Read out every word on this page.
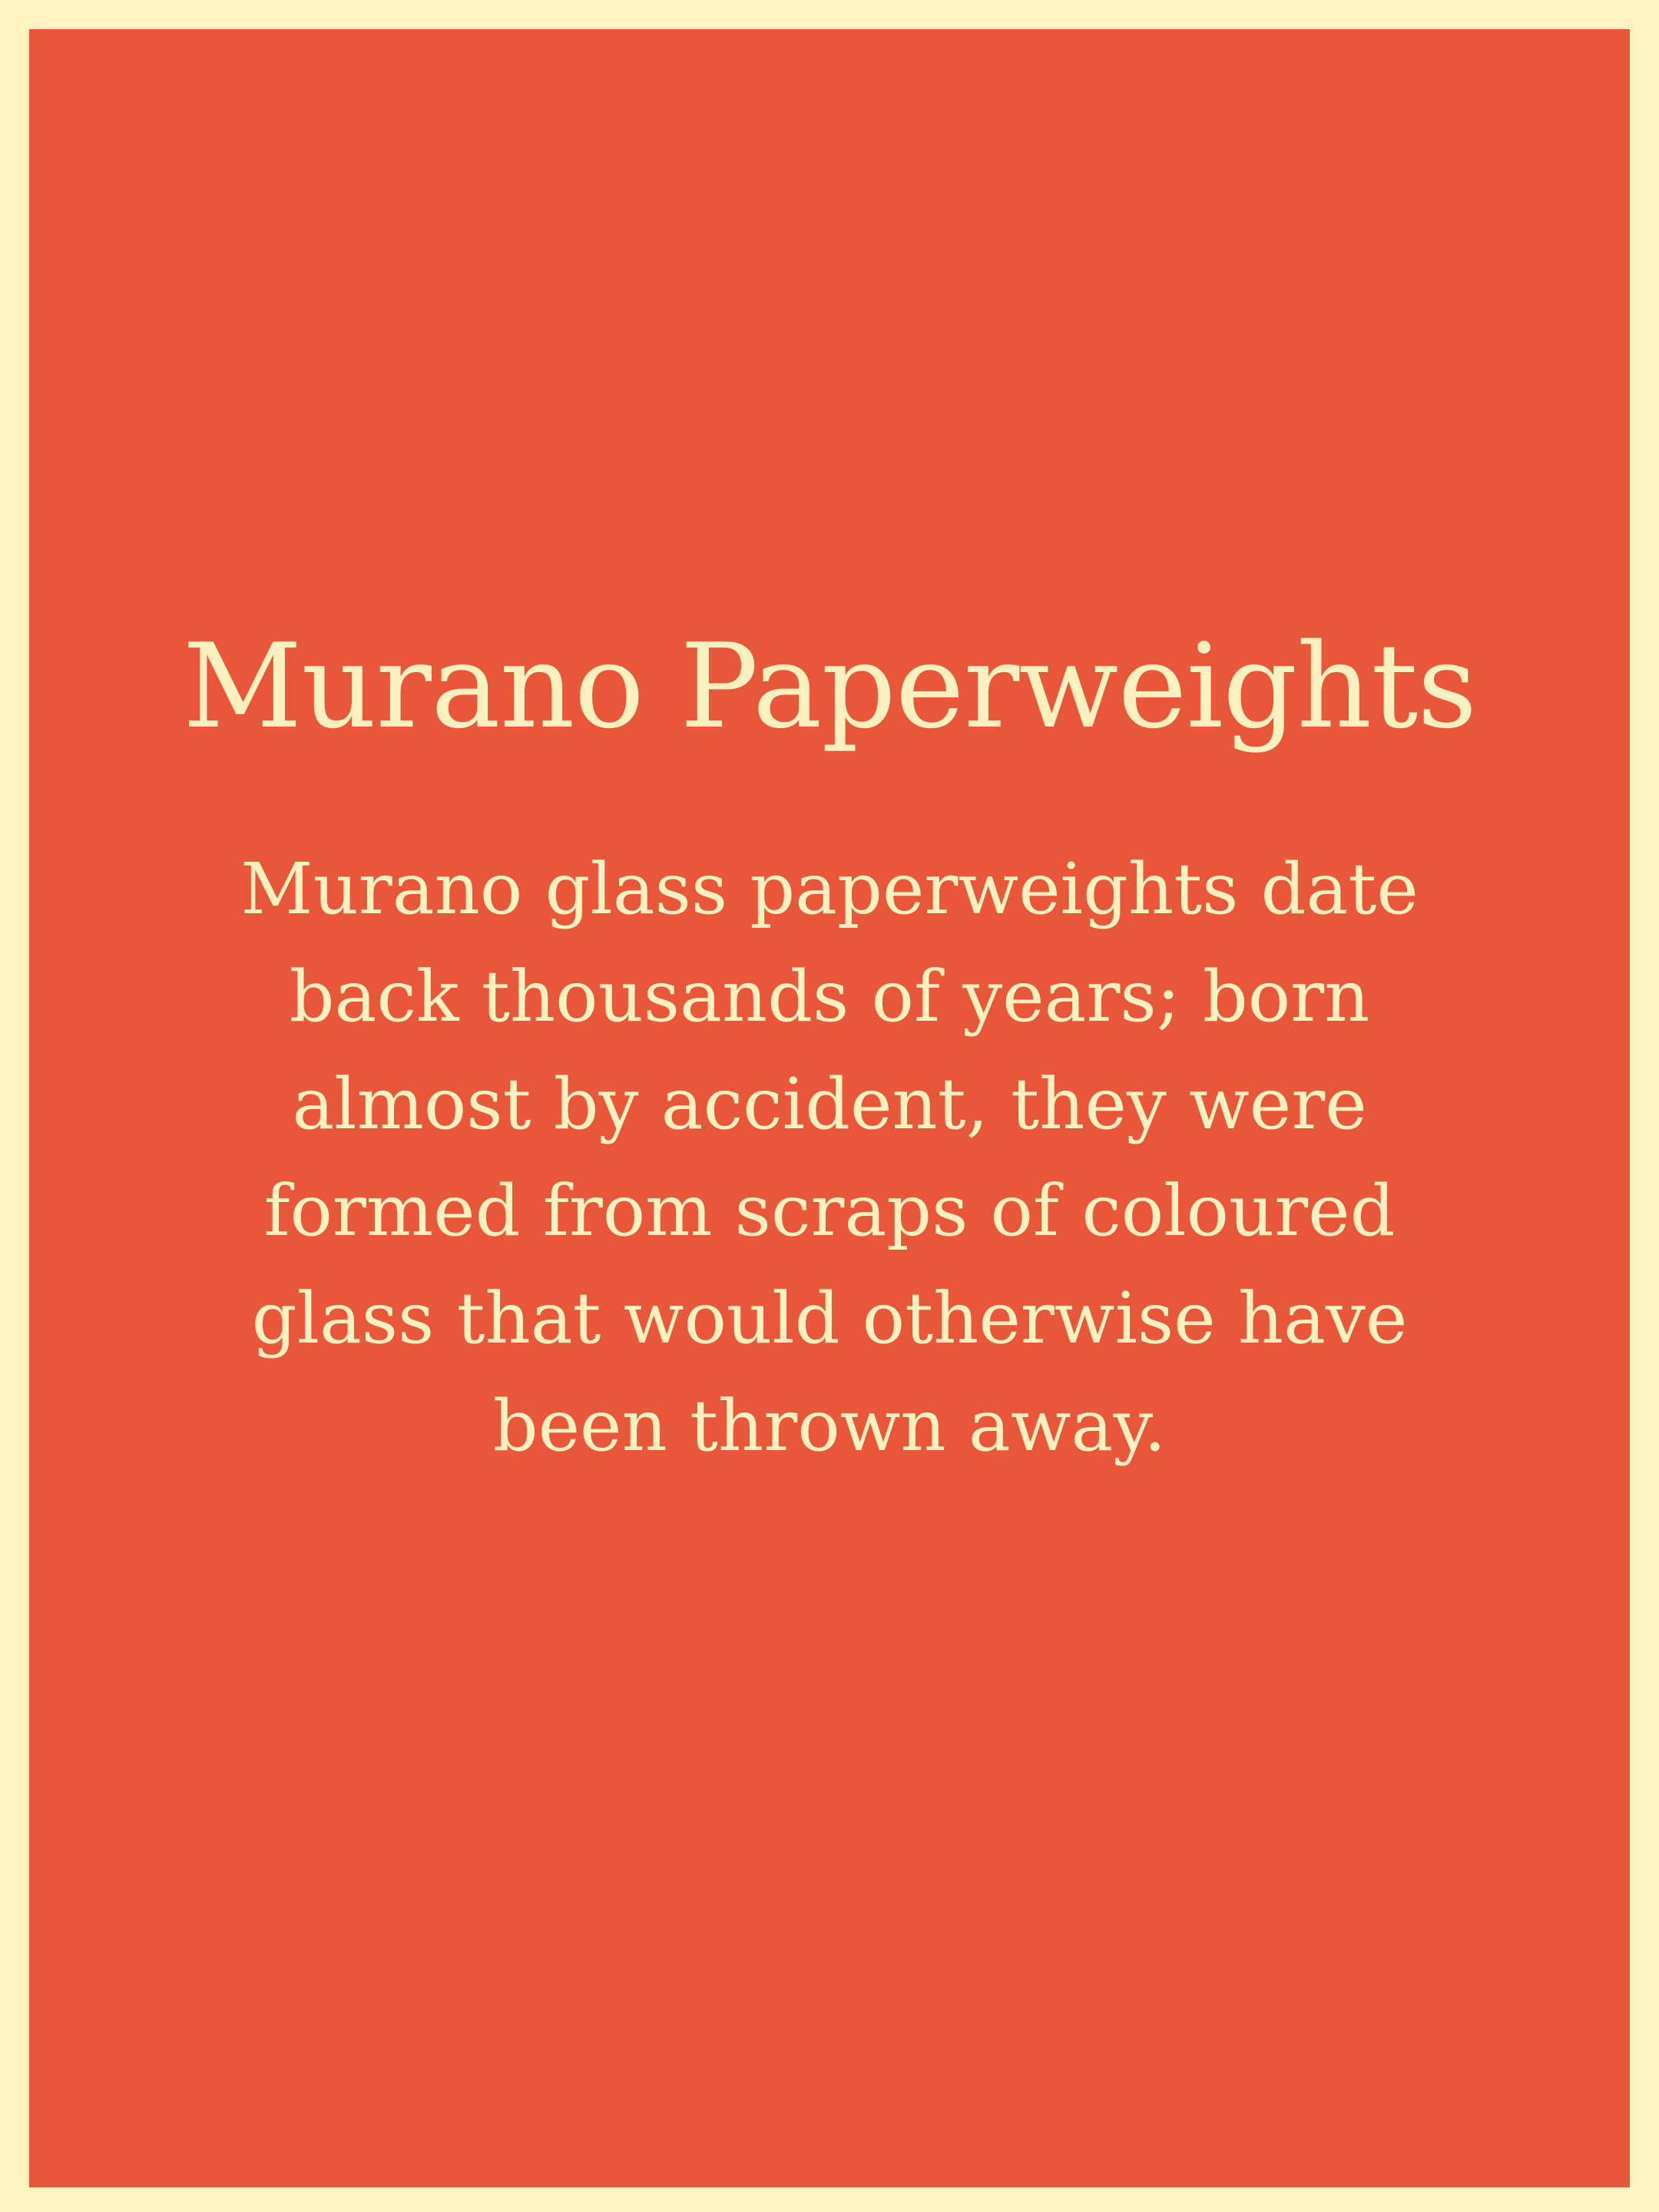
Murano Paperweights
Murano glass paperweights date back thousands of years; born almost by accident, they were formed from scraps of coloured glass that would otherwise have been thrown away.
